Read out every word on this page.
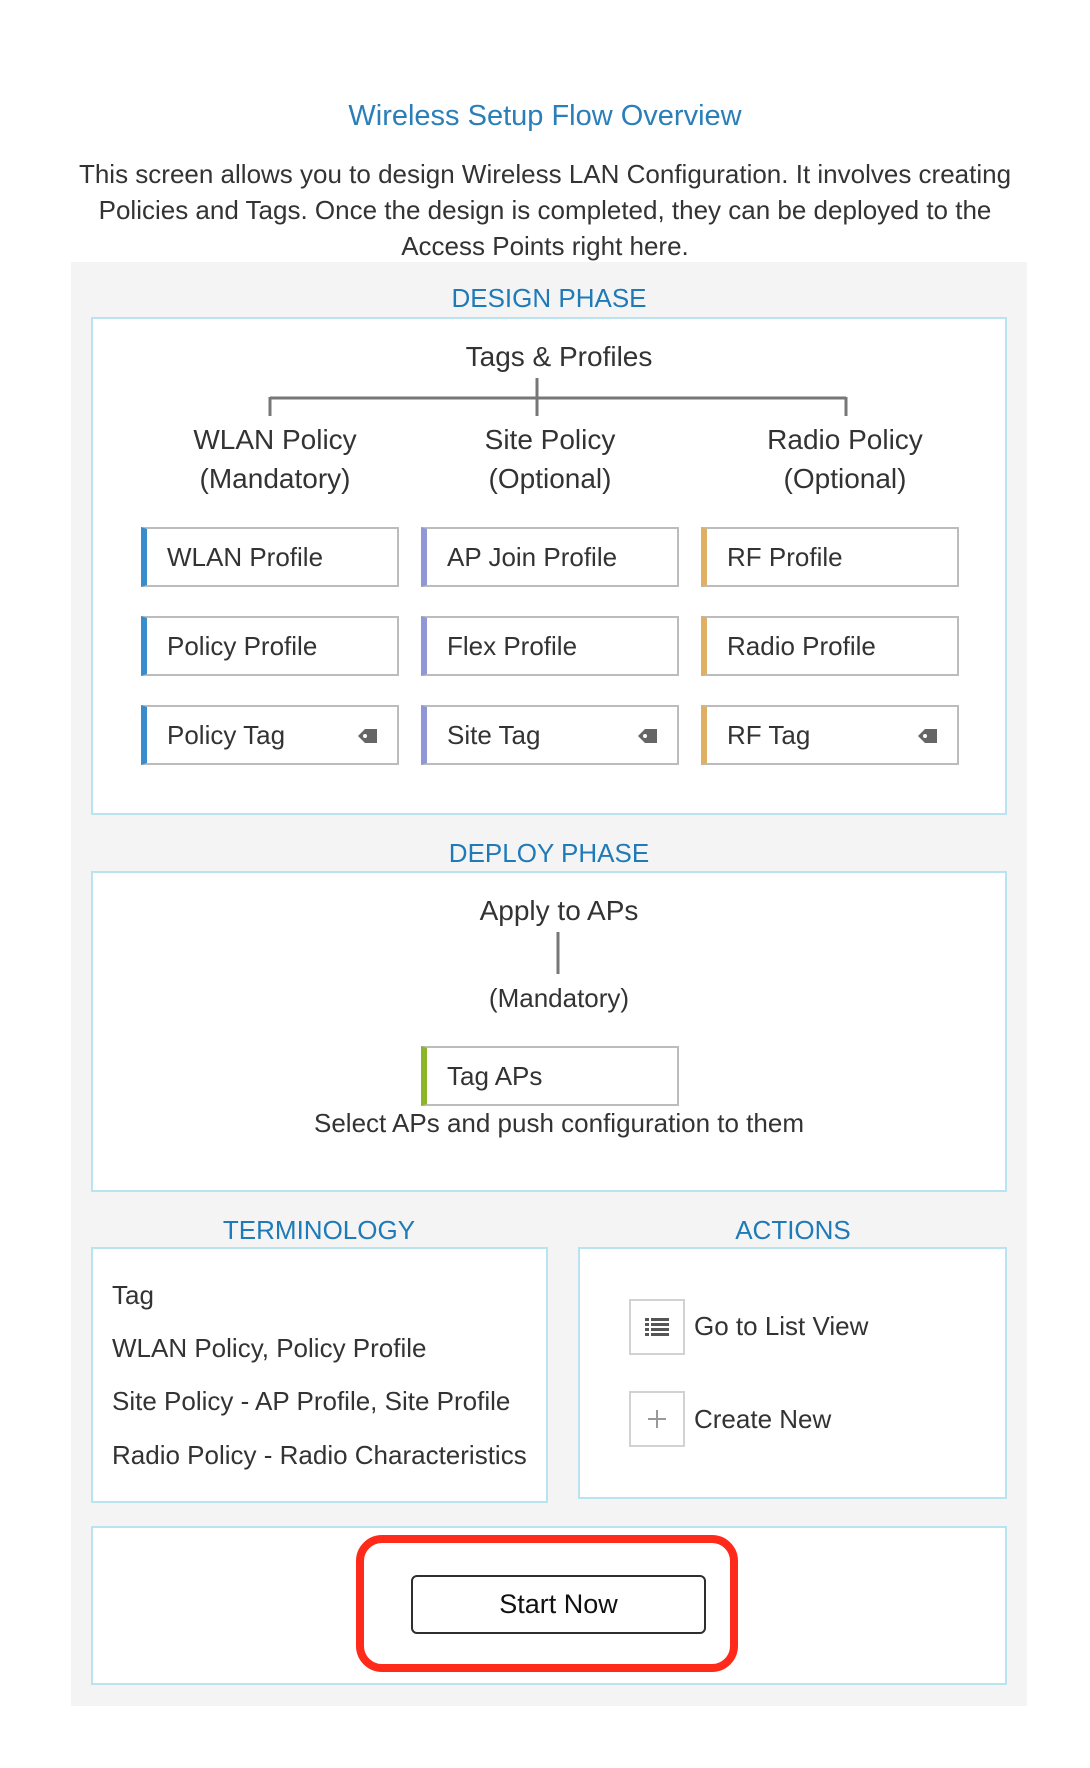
Wireless Setup Flow Overview
This screen allows you to design Wireless LAN Configuration. It involves creating
Policies and Tags. Once the design is completed, they can be deployed to the
Access Points right here.
DESIGN PHASE
Tags & Profiles
WLAN Policy
(Mandatory)
Site Policy
(Optional)
Radio Policy
(Optional)
WLAN Profile
Policy Profile
Policy Tag
AP Join Profile
Flex Profile
Site Tag
RF Profile
Radio Profile
RF Tag
DEPLOY PHASE
Apply to APs
(Mandatory)
Tag APs
Select APs and push configuration to them
TERMINOLOGY
Tag
WLAN Policy, Policy Profile
Site Policy - AP Profile, Site Profile
Radio Policy - Radio Characteristics
ACTIONS
Go to List View
Create New
Start Now
